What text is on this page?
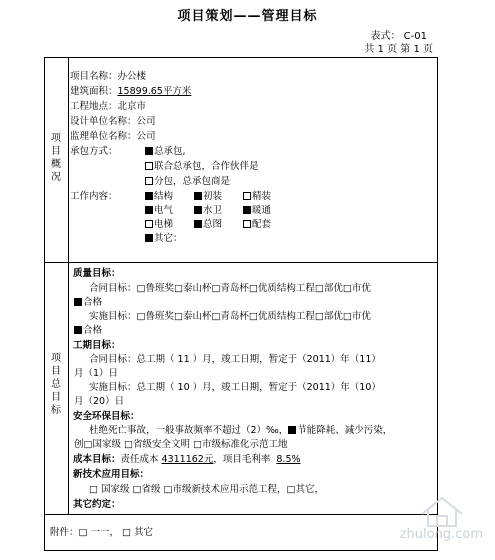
项目策划——管理目标
表式： C-01
共 1 页 第 1 页
项
目
概
况
项目名称：办公楼
建筑面积：15899.65平方米
工程地点：北京市
设计单位名称：公司
监理单位名称：公司
承包方式：	总承包,
联合总承包，合作伙伴是
分包，总承包商是
工作内容：	结构	初装	精装
电气	水卫	暖通
电梯	总图	配套
其它：
项
目
总
目
标
质量目标：
合同目标：□鲁班奖□泰山杯□青岛杯□优质结构工程□部优□市优
合格
实施目标：□鲁班奖□泰山杯□青岛杯□优质结构工程□部优□市优
合格
工期目标：
合同目标：总工期（ 11 ）月，竣工日期，暂定于（2011）年（11）
月（1）日
实施目标：总工期（ 10 ）月，竣工日期，暂定于（2011）年（10）
月（20）日
安全环保目标：
杜绝死亡事故，一般事故频率不超过（2）‰， 节能降耗、减少污染，
创□国家级 □省级安全文明 □市级标准化示范工地
成本目标：责任成本 4311162元，项目毛利率 8.5%
新技术应用目标：
□ 国家级 □省级 □市级新技术应用示范工程，□其它，
其它约定：
附件：□ 一一， □ 其它	zhulong.com
